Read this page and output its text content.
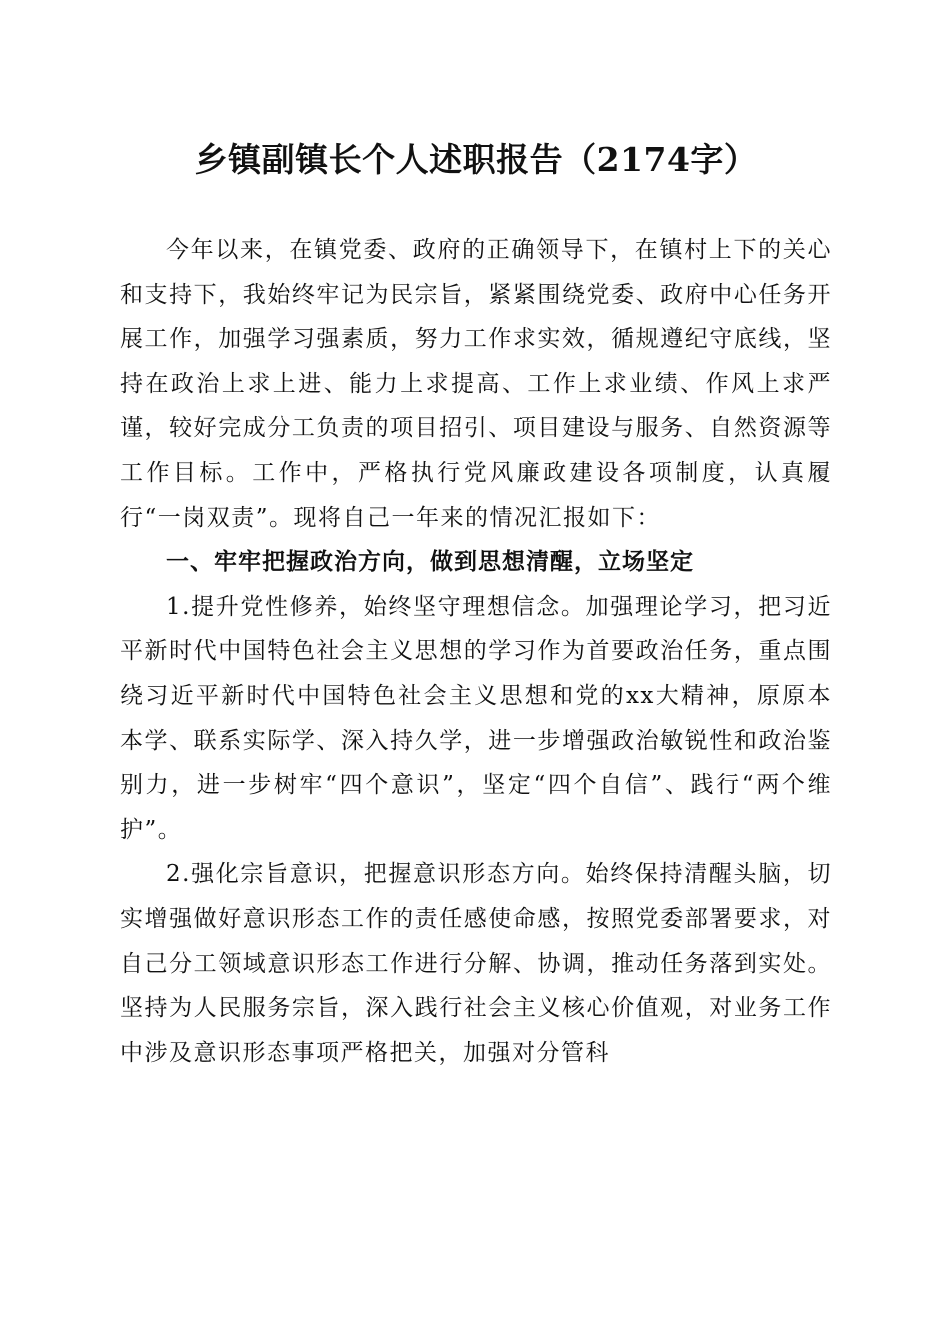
乡镇副镇长个人述职报告（2174字）

今年以来，在镇党委、政府的正确领导下，在镇村上下的关心和支持下，我始终牢记为民宗旨，紧紧围绕党委、政府中心任务开展工作，加强学习强素质，努力工作求实效，循规遵纪守底线，坚持在政治上求上进、能力上求提高、工作上求业绩、作风上求严谨，较好完成分工负责的项目招引、项目建设与服务、自然资源等工作目标。工作中，严格执行党风廉政建设各项制度，认真履行“一岗双责”。现将自己一年来的情况汇报如下：

一、牢牢把握政治方向，做到思想清醒，立场坚定

1.提升党性修养，始终坚守理想信念。加强理论学习，把习近平新时代中国特色社会主义思想的学习作为首要政治任务，重点围绕习近平新时代中国特色社会主义思想和党的xx大精神，原原本本学、联系实际学、深入持久学，进一步增强政治敏锐性和政治鉴别力，进一步树牢“四个意识”，坚定“四个自信”、践行“两个维护”。

2.强化宗旨意识，把握意识形态方向。始终保持清醒头脑，切实增强做好意识形态工作的责任感使命感，按照党委部署要求，对自己分工领域意识形态工作进行分解、协调，推动任务落到实处。坚持为人民服务宗旨，深入践行社会主义核心价值观，对业务工作中涉及意识形态事项严格把关，加强对分管科
